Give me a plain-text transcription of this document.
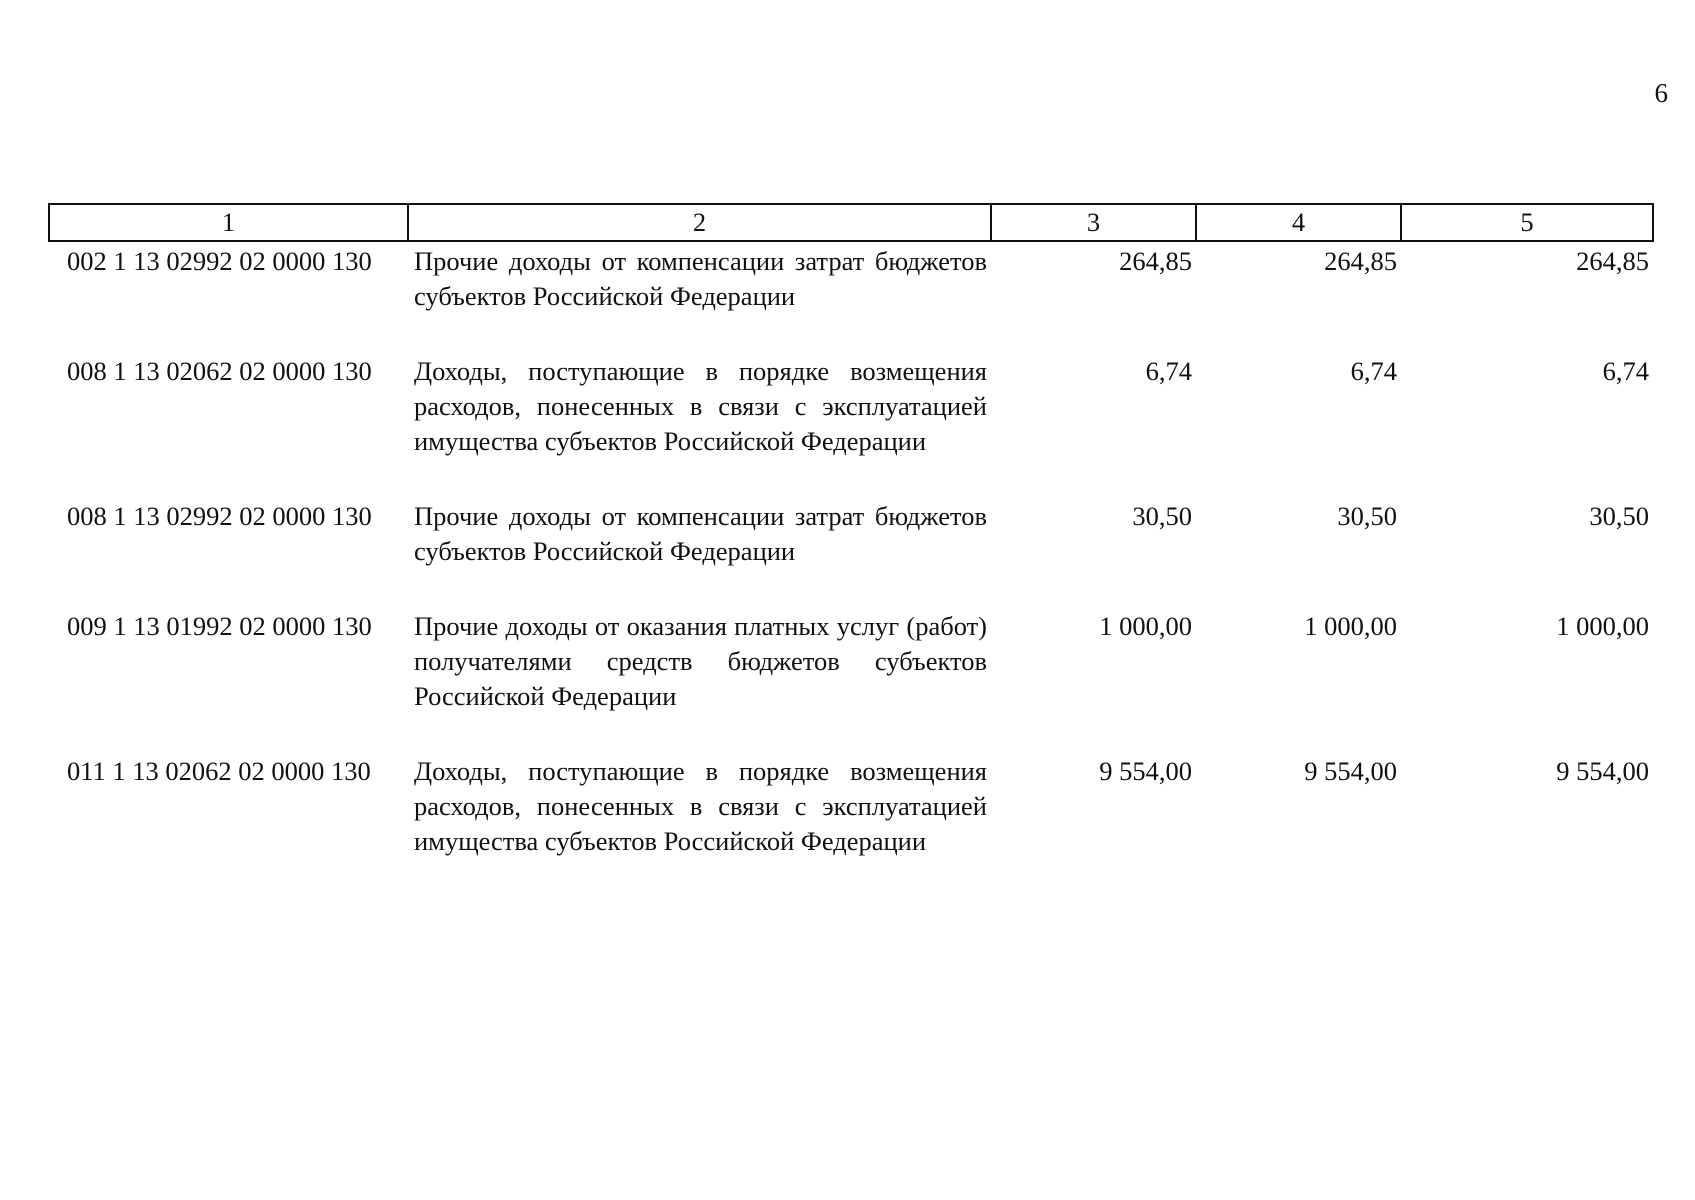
6
1	2	3	4	5
002 1 13 02992 02 0000 130	Прочие доходы от компенсации затрат бюджетов субъектов Российской Федерации	264,85	264,85	264,85
008 1 13 02062 02 0000 130	Доходы, поступающие в порядке возмещения расходов, понесенных в связи с эксплуатацией имущества субъектов Российской Федерации	6,74	6,74	6,74
008 1 13 02992 02 0000 130	Прочие доходы от компенсации затрат бюджетов субъектов Российской Федерации	30,50	30,50	30,50
009 1 13 01992 02 0000 130	Прочие доходы от оказания платных услуг (работ) получателями средств бюджетов субъектов Российской Федерации	1 000,00	1 000,00	1 000,00
011 1 13 02062 02 0000 130	Доходы, поступающие в порядке возмещения расходов, понесенных в связи с эксплуатацией имущества субъектов Российской Федерации	9 554,00	9 554,00	9 554,00
